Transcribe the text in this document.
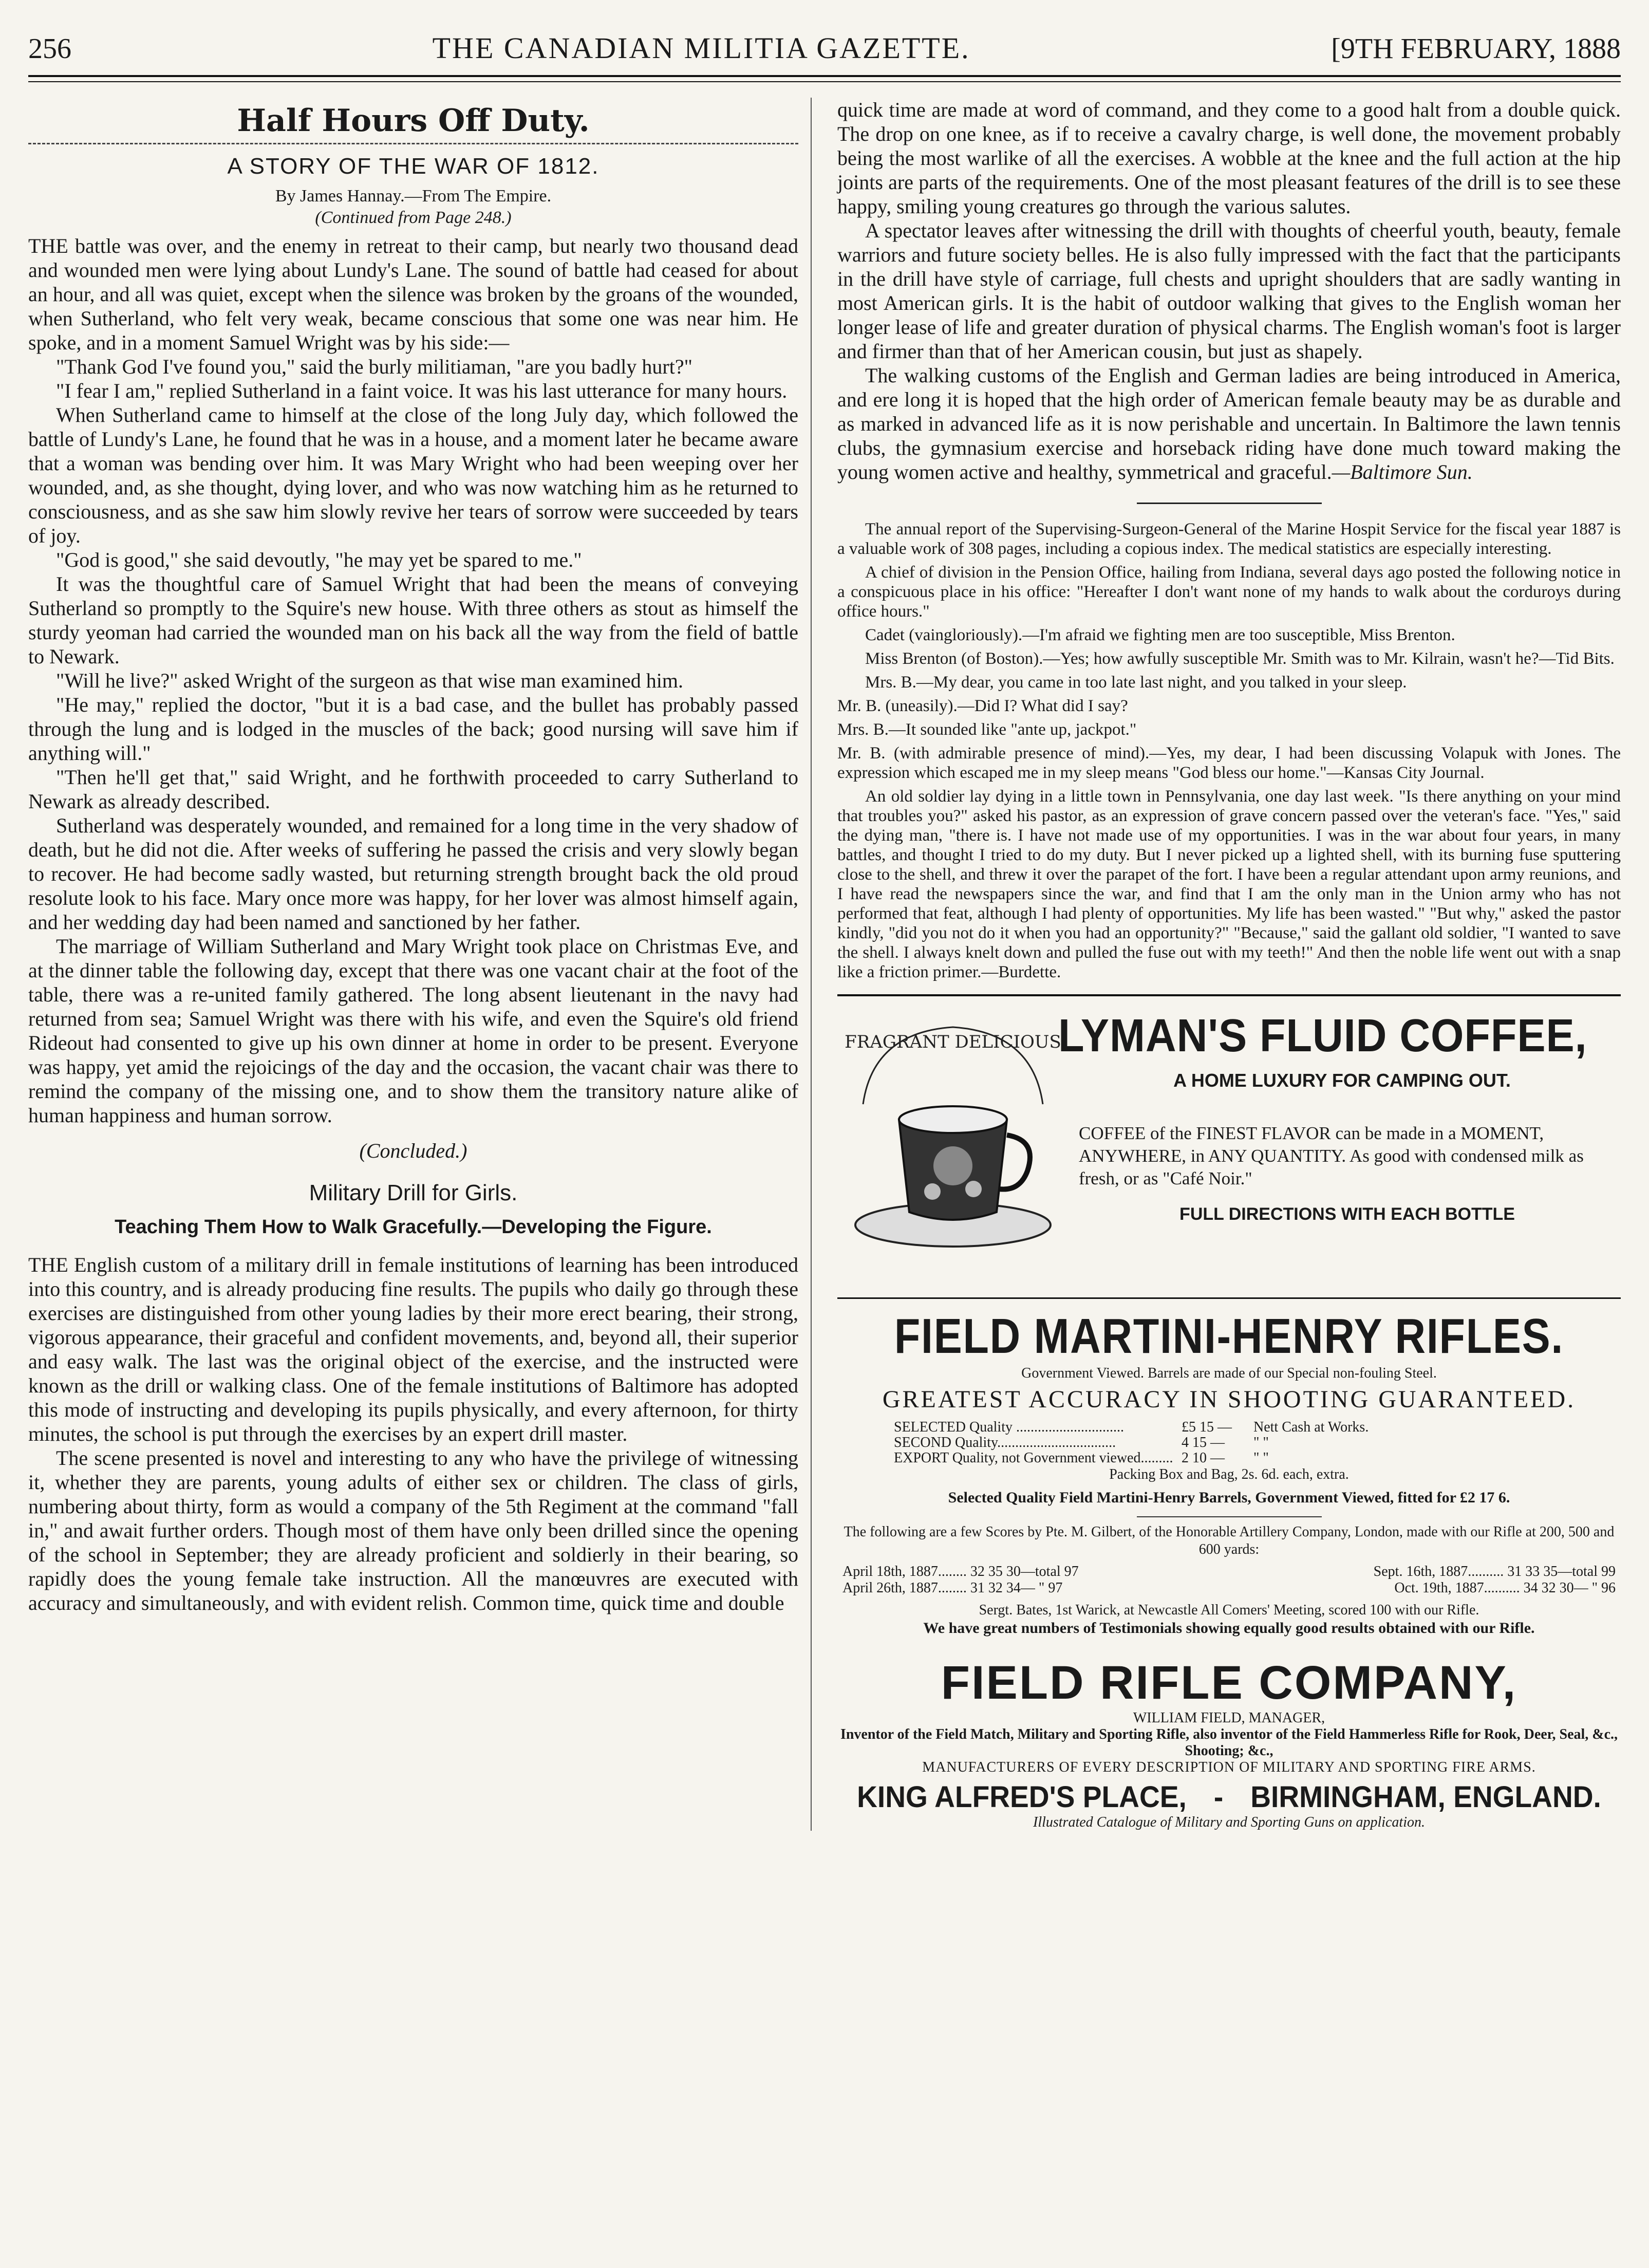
256	THE CANADIAN MILITIA GAZETTE.	[9TH FEBRUARY, 1888
Half Hours Off Duty.
A STORY OF THE WAR OF 1812.
By James Hannay.—From The Empire.
(Continued from Page 248.)

THE battle was over, and the enemy in retreat to their camp, but nearly two thousand dead and wounded men were lying about Lundy's Lane. The sound of battle had ceased for about an hour, and all was quiet, except when the silence was broken by the groans of the wounded, when Sutherland, who felt very weak, became conscious that some one was near him. He spoke, and in a moment Samuel Wright was by his side:—

"Thank God I've found you," said the burly militiaman, "are you badly hurt?"

"I fear I am," replied Sutherland in a faint voice. It was his last utterance for many hours.

When Sutherland came to himself at the close of the long July day, which followed the battle of Lundy's Lane, he found that he was in a house, and a moment later he became aware that a woman was bending over him. It was Mary Wright who had been weeping over her wounded, and, as she thought, dying lover, and who was now watching him as he returned to consciousness, and as she saw him slowly revive her tears of sorrow were succeeded by tears of joy.

"God is good," she said devoutly, "he may yet be spared to me."

It was the thoughtful care of Samuel Wright that had been the means of conveying Sutherland so promptly to the Squire's new house. With three others as stout as himself the sturdy yeoman had carried the wounded man on his back all the way from the field of battle to Newark.

"Will he live?" asked Wright of the surgeon as that wise man examined him.

"He may," replied the doctor, "but it is a bad case, and the bullet has probably passed through the lung and is lodged in the muscles of the back; good nursing will save him if anything will."

"Then he'll get that," said Wright, and he forthwith proceeded to carry Sutherland to Newark as already described.

Sutherland was desperately wounded, and remained for a long time in the very shadow of death, but he did not die. After weeks of suffering he passed the crisis and very slowly began to recover. He had become sadly wasted, but returning strength brought back the old proud resolute look to his face. Mary once more was happy, for her lover was almost himself again, and her wedding day had been named and sanctioned by her father.

The marriage of William Sutherland and Mary Wright took place on Christmas Eve, and at the dinner table the following day, except that there was one vacant chair at the foot of the table, there was a re-united family gathered. The long absent lieutenant in the navy had returned from sea; Samuel Wright was there with his wife, and even the Squire's old friend Rideout had consented to give up his own dinner at home in order to be present. Everyone was happy, yet amid the rejoicings of the day and the occasion, the vacant chair was there to remind the company of the missing one, and to show them the transitory nature alike of human happiness and human sorrow.

(Concluded.)
Military Drill for Girls.
Teaching Them How to Walk Gracefully.—Developing the Figure.

THE English custom of a military drill in female institutions of learning has been introduced into this country, and is already producing fine results. The pupils who daily go through these exercises are distinguished from other young ladies by their more erect bearing, their strong, vigorous appearance, their graceful and confident movements, and, beyond all, their superior and easy walk. The last was the original object of the exercise, and the instructed were known as the drill or walking class. One of the female institutions of Baltimore has adopted this mode of instructing and developing its pupils physically, and every afternoon, for thirty minutes, the school is put through the exercises by an expert drill master.

The scene presented is novel and interesting to any who have the privilege of witnessing it, whether they are parents, young adults of either sex or children. The class of girls, numbering about thirty, form as would a company of the 5th Regiment at the command "fall in," and await further orders. Though most of them have only been drilled since the opening of the school in September; they are already proficient and soldierly in their bearing, so rapidly does the young female take instruction. All the manœuvres are executed with accuracy and simultaneously, and with evident relish. Common time, quick time and double

quick time are made at word of command, and they come to a good halt from a double quick. The drop on one knee, as if to receive a cavalry charge, is well done, the movement probably being the most warlike of all the exercises. A wobble at the knee and the full action at the hip joints are parts of the requirements. One of the most pleasant features of the drill is to see these happy, smiling young creatures go through the various salutes.

A spectator leaves after witnessing the drill with thoughts of cheerful youth, beauty, female warriors and future society belles. He is also fully impressed with the fact that the participants in the drill have style of carriage, full chests and upright shoulders that are sadly wanting in most American girls. It is the habit of outdoor walking that gives to the English woman her longer lease of life and greater duration of physical charms. The English woman's foot is larger and firmer than that of her American cousin, but just as shapely.

The walking customs of the English and German ladies are being introduced in America, and ere long it is hoped that the high order of American female beauty may be as durable and as marked in advanced life as it is now perishable and uncertain. In Baltimore the lawn tennis clubs, the gymnasium exercise and horseback riding have done much toward making the young women active and healthy, symmetrical and graceful.—Baltimore Sun.

The annual report of the Supervising-Surgeon-General of the Marine Hospit Service for the fiscal year 1887 is a valuable work of 308 pages, including a copious index. The medical statistics are especially interesting.

A chief of division in the Pension Office, hailing from Indiana, several days ago posted the following notice in a conspicuous place in his office: "Hereafter I don't want none of my hands to walk about the corduroys during office hours."

Cadet (vaingloriously).—I'm afraid we fighting men are too susceptible, Miss Brenton.

Miss Brenton (of Boston).—Yes; how awfully susceptible Mr. Smith was to Mr. Kilrain, wasn't he?—Tid Bits.

Mrs. B.—My dear, you came in too late last night, and you talked in your sleep.

Mr. B. (uneasily).—Did I? What did I say?

Mrs. B.—It sounded like "ante up, jackpot."

Mr. B. (with admirable presence of mind).—Yes, my dear, I had been discussing Volapuk with Jones. The expression which escaped me in my sleep means "God bless our home."—Kansas City Journal.

An old soldier lay dying in a little town in Pennsylvania, one day last week. "Is there anything on your mind that troubles you?" asked his pastor, as an expression of grave concern passed over the veteran's face. "Yes," said the dying man, "there is. I have not made use of my opportunities. I was in the war about four years, in many battles, and thought I tried to do my duty. But I never picked up a lighted shell, with its burning fuse sputtering close to the shell, and threw it over the parapet of the fort. I have been a regular attendant upon army reunions, and I have read the newspapers since the war, and find that I am the only man in the Union army who has not performed that feat, although I had plenty of opportunities. My life has been wasted." "But why," asked the pastor kindly, "did you not do it when you had an opportunity?" "Because," said the gallant old soldier, "I wanted to save the shell. I always knelt down and pulled the fuse out with my teeth!" And then the noble life went out with a snap like a friction primer.—Burdette.

FRAGRANT DELICIOUS
LYMAN'S FLUID COFFEE,
A HOME LUXURY FOR CAMPING OUT.
COFFEE of the FINEST FLAVOR can be made in a MOMENT, ANYWHERE, in ANY QUANTITY. As good with condensed milk as fresh, or as "Café Noir."
FULL DIRECTIONS WITH EACH BOTTLE
FIELD MARTINI-HENRY RIFLES.
Government Viewed. Barrels are made of our Special non-fouling Steel.
GREATEST ACCURACY IN SHOOTING GUARANTEED.
SELECTED Quality ..............................	£5 15 —	Nett Cash at Works.
SECOND Quality.................................	4 15 —	" "
EXPORT Quality, not Government viewed......... 2 10 —	" "
Packing Box and Bag, 2s. 6d. each, extra.
Selected Quality Field Martini-Henry Barrels, Government Viewed, fitted for £2 17 6.
The following are a few Scores by Pte. M. Gilbert, of the Honorable Artillery Company, London, made with our Rifle at 200, 500 and 600 yards:
April 18th, 1887........ 32 35 30—total 97	Sept. 16th, 1887.......... 31 33 35—total 99
April 26th, 1887........ 31 32 34— " 97	Oct. 19th, 1887.......... 34 32 30— " 96
Sergt. Bates, 1st Warick, at Newcastle All Comers' Meeting, scored 100 with our Rifle.
We have great numbers of Testimonials showing equally good results obtained with our Rifle.
FIELD RIFLE COMPANY,
WILLIAM FIELD, MANAGER,
Inventor of the Field Match, Military and Sporting Rifle, also inventor of the Field Hammerless Rifle for Rook, Deer, Seal, &c., Shooting; &c.,
MANUFACTURERS OF EVERY DESCRIPTION OF MILITARY AND SPORTING FIRE ARMS.
KING ALFRED'S PLACE, - BIRMINGHAM, ENGLAND.
Illustrated Catalogue of Military and Sporting Guns on application.
